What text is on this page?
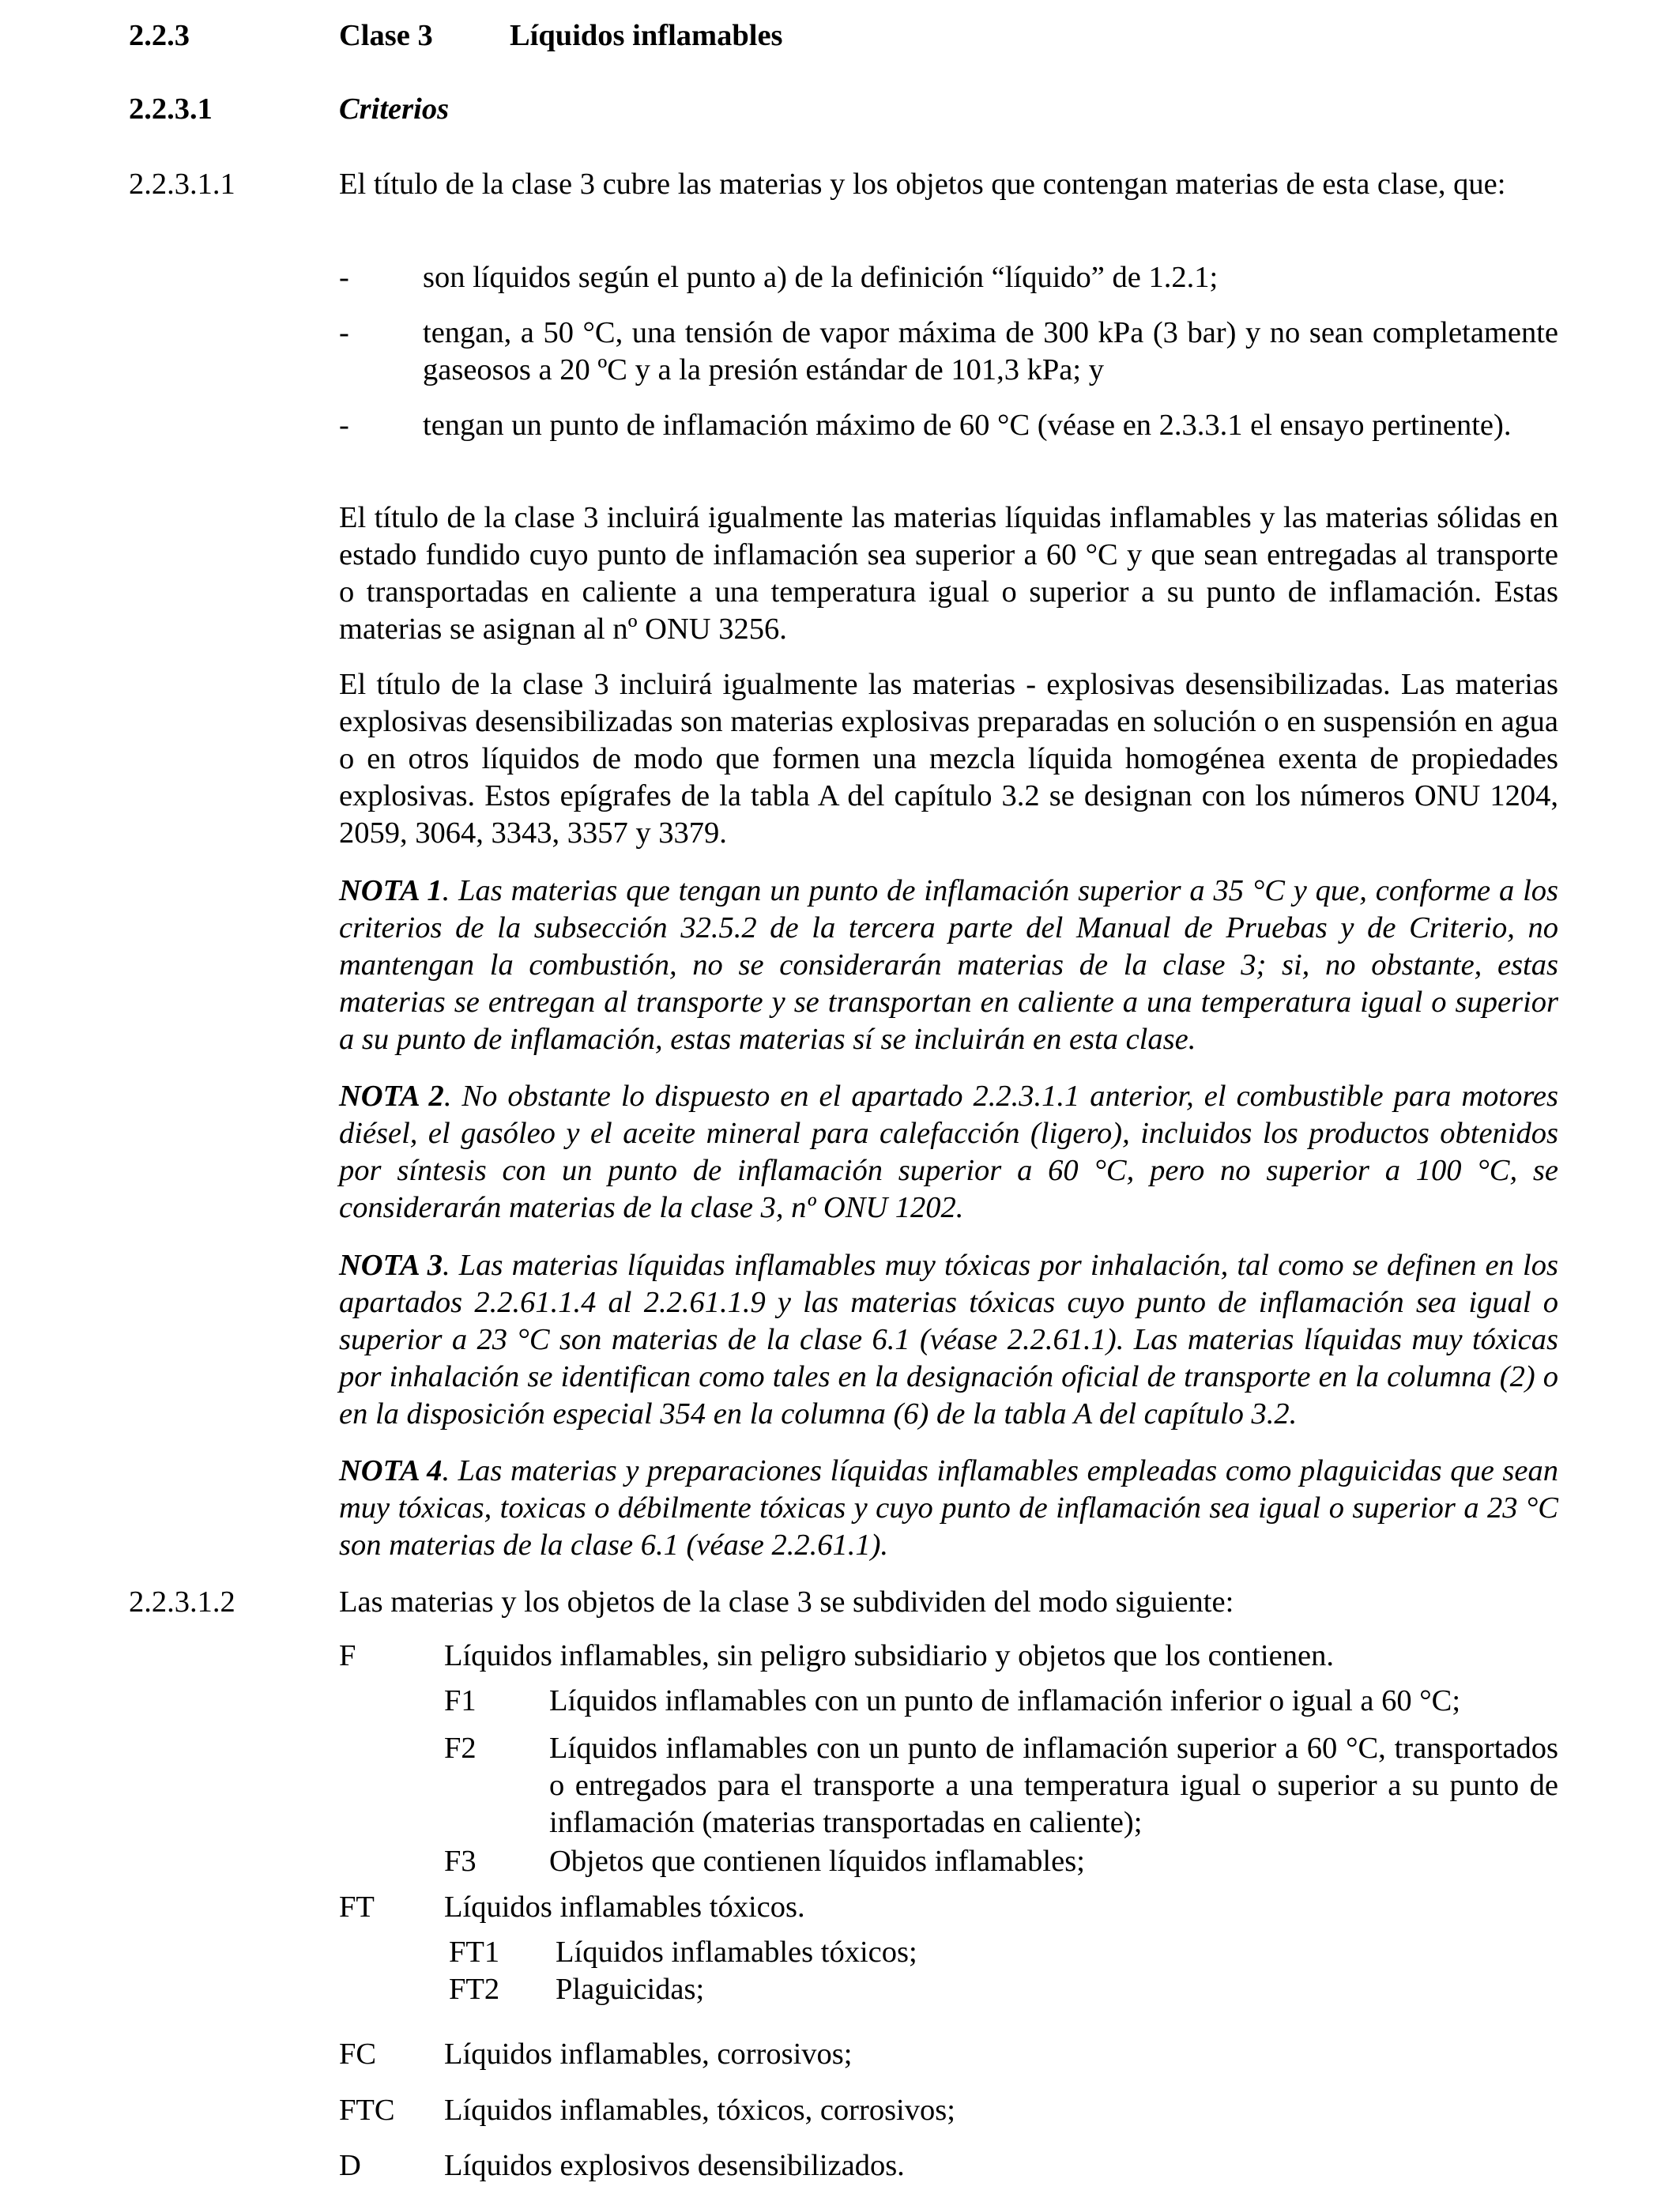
2.2.3	Clase 3	Líquidos inflamables
2.2.3.1	Criterios
2.2.3.1.1	El título de la clase 3 cubre las materias y los objetos que contengan materias de esta clase, que:
- son líquidos según el punto a) de la definición “líquido” de 1.2.1;
- tengan, a 50 °C, una tensión de vapor máxima de 300 kPa (3 bar) y no sean completamente gaseosos a 20 ºC y a la presión estándar de 101,3 kPa; y
- tengan un punto de inflamación máximo de 60 °C (véase en 2.3.3.1 el ensayo pertinente).
El título de la clase 3 incluirá igualmente las materias líquidas inflamables y las materias sólidas en estado fundido cuyo punto de inflamación sea superior a 60 °C y que sean entregadas al transporte o transportadas en caliente a una temperatura igual o superior a su punto de inflamación. Estas materias se asignan al nº ONU 3256.
El título de la clase 3 incluirá igualmente las materias - explosivas desensibilizadas. Las materias explosivas desensibilizadas son materias explosivas preparadas en solución o en suspensión en agua o en otros líquidos de modo que formen una mezcla líquida homogénea exenta de propiedades explosivas. Estos epígrafes de la tabla A del capítulo 3.2 se designan con los números ONU 1204, 2059, 3064, 3343, 3357 y 3379.
NOTA 1. Las materias que tengan un punto de inflamación superior a 35 °C y que, conforme a los criterios de la subsección 32.5.2 de la tercera parte del Manual de Pruebas y de Criterio, no mantengan la combustión, no se considerarán materias de la clase 3; si, no obstante, estas materias se entregan al transporte y se transportan en caliente a una temperatura igual o superior a su punto de inflamación, estas materias sí se incluirán en esta clase.
NOTA 2. No obstante lo dispuesto en el apartado 2.2.3.1.1 anterior, el combustible para motores diésel, el gasóleo y el aceite mineral para calefacción (ligero), incluidos los productos obtenidos por síntesis con un punto de inflamación superior a 60 °C, pero no superior a 100 °C, se considerarán materias de la clase 3, nº ONU 1202.
NOTA 3. Las materias líquidas inflamables muy tóxicas por inhalación, tal como se definen en los apartados 2.2.61.1.4 al 2.2.61.1.9 y las materias tóxicas cuyo punto de inflamación sea igual o superior a 23 °C son materias de la clase 6.1 (véase 2.2.61.1). Las materias líquidas muy tóxicas por inhalación se identifican como tales en la designación oficial de transporte en la columna (2) o en la disposición especial 354 en la columna (6) de la tabla A del capítulo 3.2.
NOTA 4. Las materias y preparaciones líquidas inflamables empleadas como plaguicidas que sean muy tóxicas, toxicas o débilmente tóxicas y cuyo punto de inflamación sea igual o superior a 23 °C son materias de la clase 6.1 (véase 2.2.61.1).
2.2.3.1.2	Las materias y los objetos de la clase 3 se subdividen del modo siguiente:
F	Líquidos inflamables, sin peligro subsidiario y objetos que los contienen.
F1 Líquidos inflamables con un punto de inflamación inferior o igual a 60 °C;
F2 Líquidos inflamables con un punto de inflamación superior a 60 °C, transportados o entregados para el transporte a una temperatura igual o superior a su punto de inflamación (materias transportadas en caliente);
F3 Objetos que contienen líquidos inflamables;
FT Líquidos inflamables tóxicos.
FT1 Líquidos inflamables tóxicos;
FT2 Plaguicidas;
FC Líquidos inflamables, corrosivos;
FTC Líquidos inflamables, tóxicos, corrosivos;
D	Líquidos explosivos desensibilizados.
